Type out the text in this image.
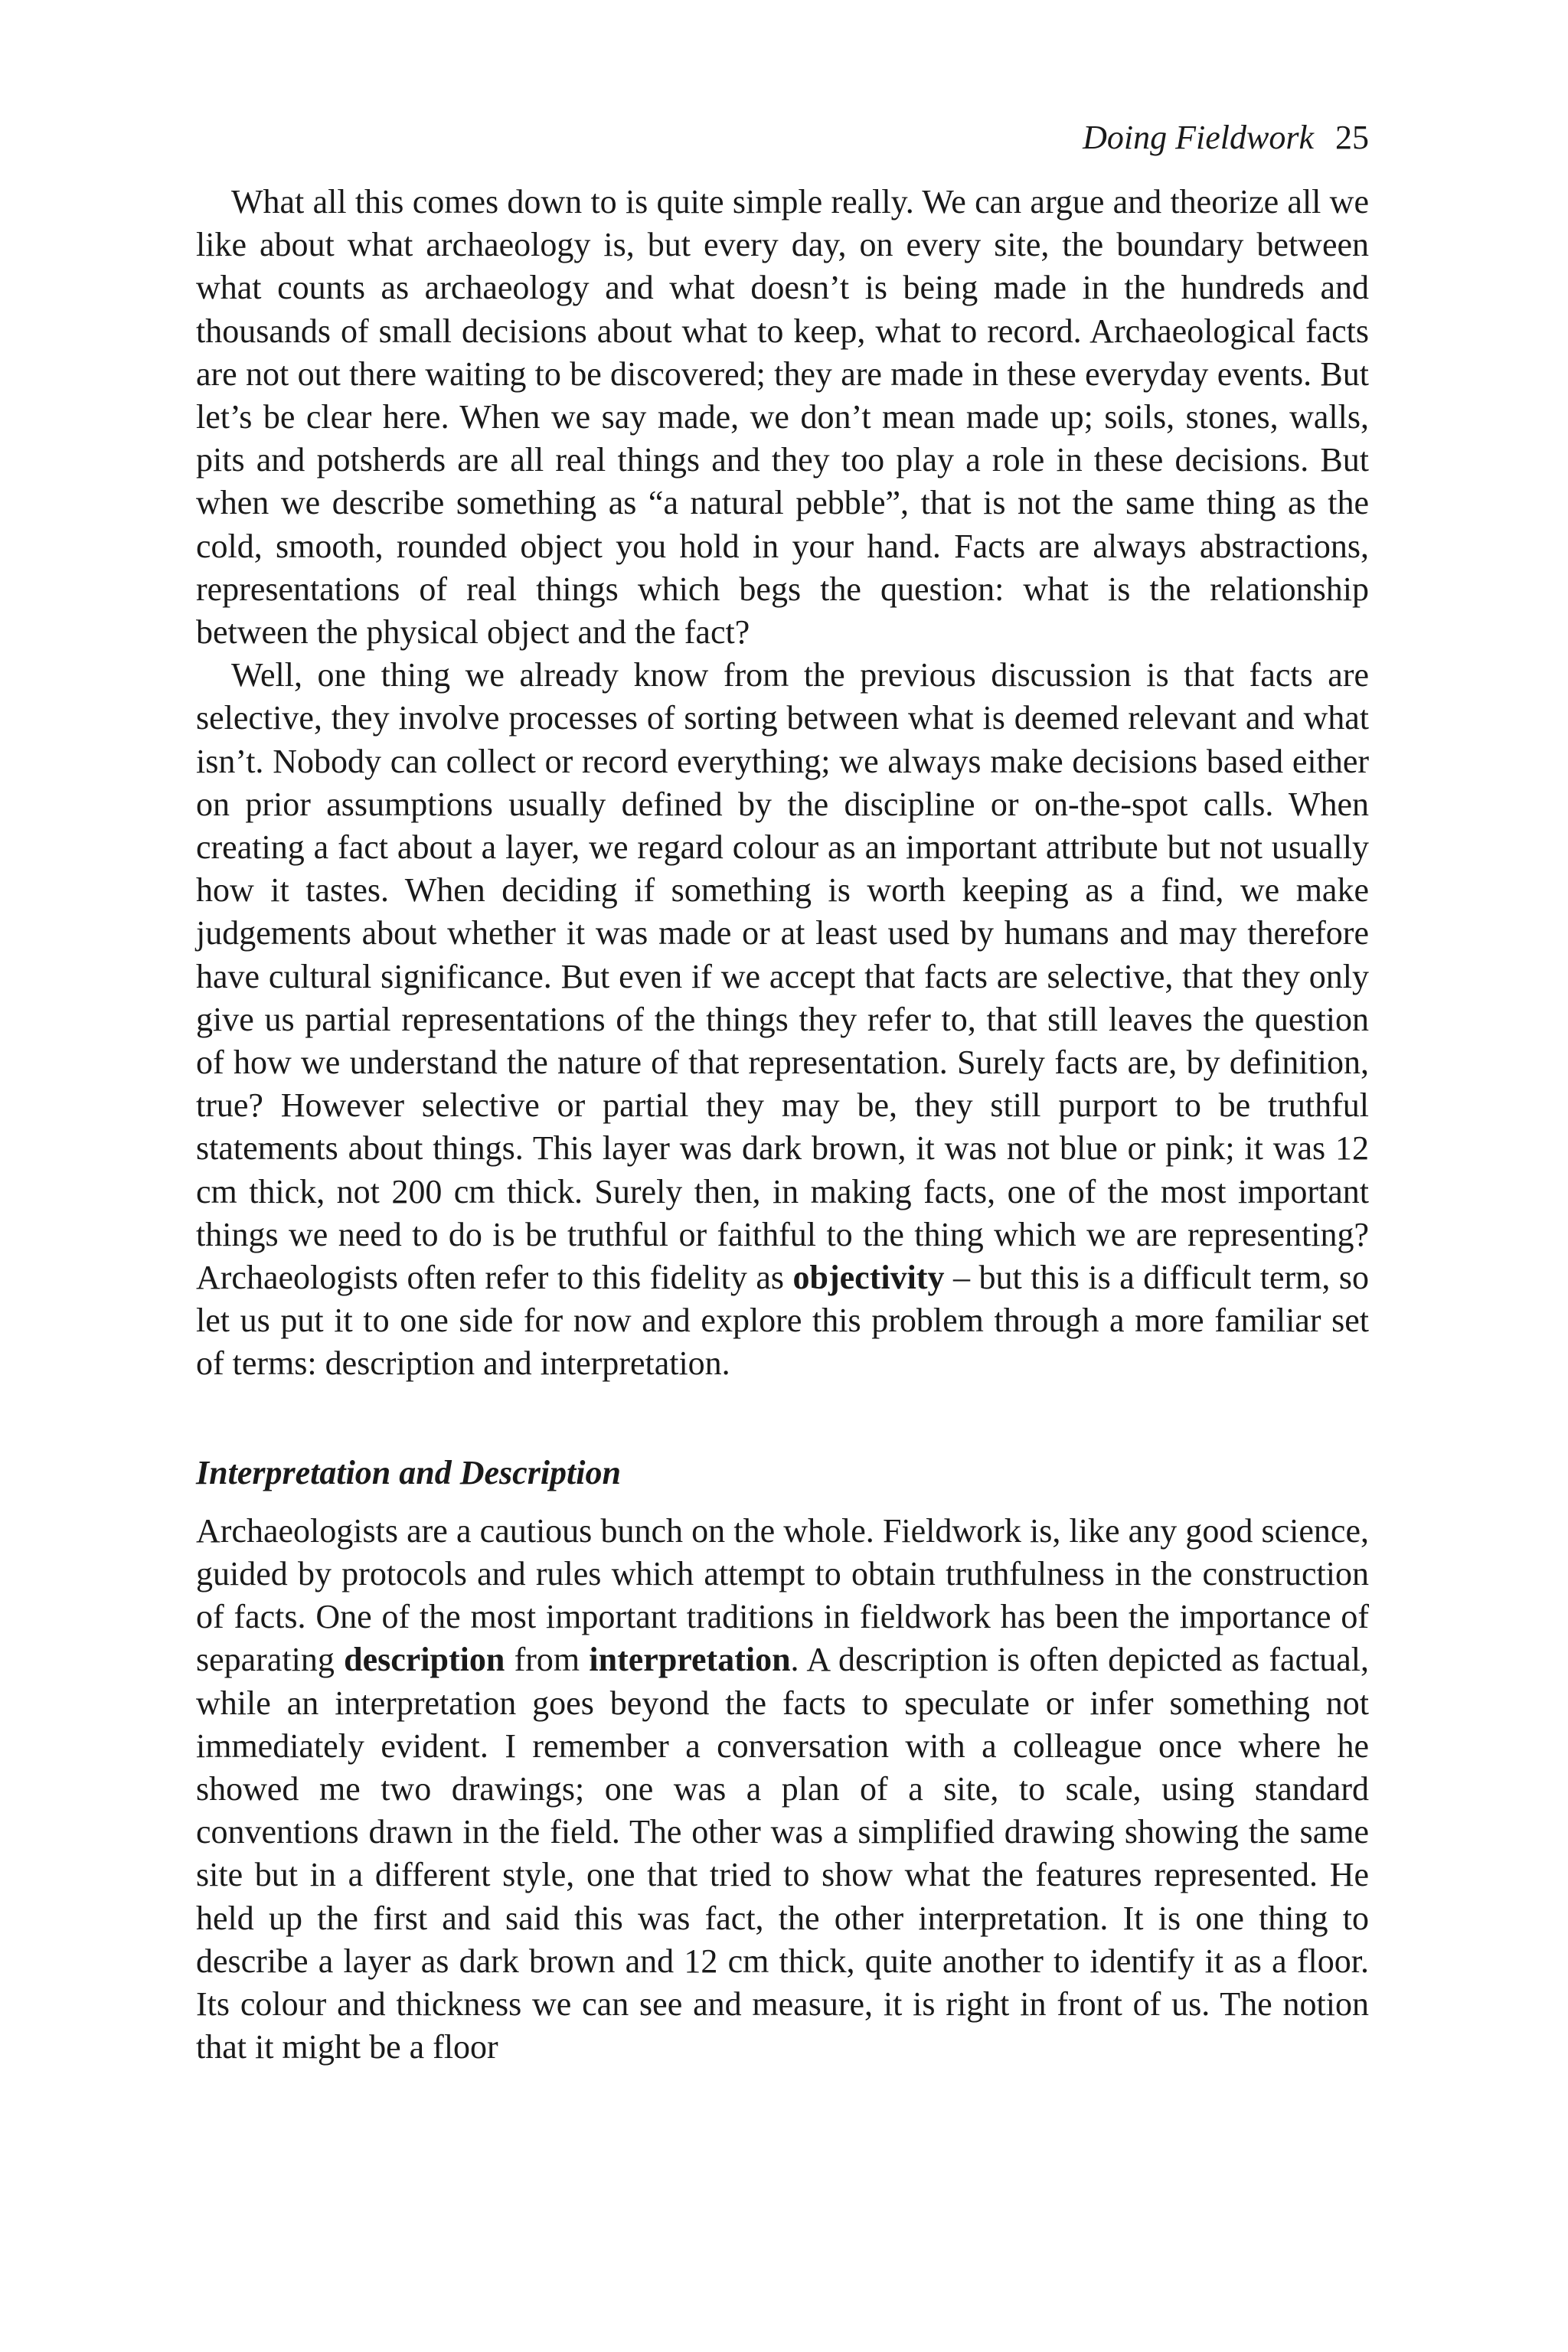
Doing Fieldwork 25

What all this comes down to is quite simple really. We can argue and theorize all we like about what archaeology is, but every day, on every site, the boundary between what counts as archaeology and what doesn’t is being made in the hundreds and thousands of small decisions about what to keep, what to record. Archaeological facts are not out there waiting to be discovered; they are made in these everyday events. But let’s be clear here. When we say made, we don’t mean made up; soils, stones, walls, pits and potsherds are all real things and they too play a role in these decisions. But when we describe something as “a natural pebble”, that is not the same thing as the cold, smooth, rounded object you hold in your hand. Facts are always abstractions, representations of real things which begs the question: what is the relationship between the physical object and the fact?

Well, one thing we already know from the previous discussion is that facts are selective, they involve processes of sorting between what is deemed relevant and what isn’t. Nobody can collect or record everything; we always make decisions based either on prior assumptions usually defined by the discipline or on-the-spot calls. When creating a fact about a layer, we regard colour as an important attribute but not usually how it tastes. When deciding if something is worth keeping as a find, we make judgements about whether it was made or at least used by humans and may therefore have cultural significance. But even if we accept that facts are selective, that they only give us partial representations of the things they refer to, that still leaves the question of how we understand the nature of that representation. Surely facts are, by definition, true? However selective or partial they may be, they still purport to be truthful statements about things. This layer was dark brown, it was not blue or pink; it was 12 cm thick, not 200 cm thick. Surely then, in making facts, one of the most important things we need to do is be truthful or faithful to the thing which we are representing? Archaeologists often refer to this fidelity as objectivity – but this is a difficult term, so let us put it to one side for now and explore this problem through a more familiar set of terms: description and interpretation.

Interpretation and Description

Archaeologists are a cautious bunch on the whole. Fieldwork is, like any good science, guided by protocols and rules which attempt to obtain truthfulness in the construction of facts. One of the most important traditions in fieldwork has been the importance of separating description from interpretation. A description is often depicted as factual, while an interpretation goes beyond the facts to speculate or infer something not immediately evident. I remember a conversation with a colleague once where he showed me two drawings; one was a plan of a site, to scale, using standard conventions drawn in the field. The other was a simplified drawing showing the same site but in a different style, one that tried to show what the features represented. He held up the first and said this was fact, the other interpretation. It is one thing to describe a layer as dark brown and 12 cm thick, quite another to identify it as a floor. Its colour and thickness we can see and measure, it is right in front of us. The notion that it might be a floor
